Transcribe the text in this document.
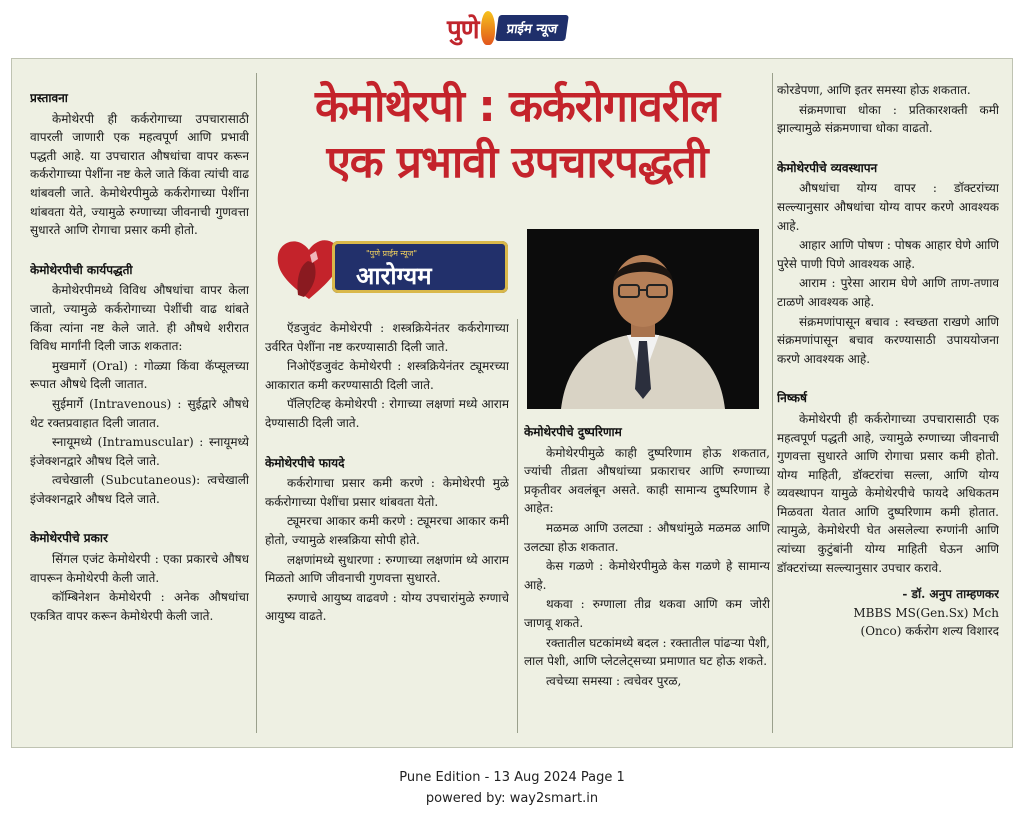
पुणे	प्राईम न्यूज
केमोथेरपी : कर्करोगावरील
एक प्रभावी उपचारपद्धती
"पुणे प्राईम न्यूज"
आरोग्यम
प्रस्तावना

केमोथेरपी ही कर्करोगाच्या उपचारासाठी वापरली जाणारी एक महत्वपूर्ण आणि प्रभावी पद्धती आहे. या उपचारात औषधांचा वापर करून कर्करोगाच्या पेशींना नष्ट केले जाते किंवा त्यांची वाढ थांबवली जाते. केमोथेरपीमुळे कर्करोगाच्या पेशींना थांबवता येते, ज्यामुळे रुग्णाच्या जीवनाची गुणवत्ता सुधारते आणि रोगाचा प्रसार कमी होतो.

केमोथेरपीची कार्यपद्धती

केमोथेरपीमध्ये विविध औषधांचा वापर केला जातो, ज्यामुळे कर्करोगाच्या पेशींची वाढ थांबते किंवा त्यांना नष्ट केले जाते. ही औषधे शरीरात विविध मार्गांनी दिली जाऊ शकतात:

मुखमार्गे (Oral) : गोळ्या किंवा कॅप्सूलच्या रूपात औषधे दिली जातात.

सुईमार्गे (Intravenous) : सुईद्वारे औषधे थेट रक्तप्रवाहात दिली जातात.

स्नायूमध्ये (Intramuscular) : स्नायूमध्ये इंजेक्शनद्वारे औषध दिले जाते.

त्वचेखाली (Subcutaneous): त्वचेखाली इंजेक्शनद्वारे औषध दिले जाते.

केमोथेरपीचे प्रकार

सिंगल एजंट केमोथेरपी : एका प्रकारचे औषध वापरून केमोथेरपी केली जाते.

कॉम्बिनेशन केमोथेरपी : अनेक औषधांचा एकत्रित वापर करून केमोथेरपी केली जाते.

ऍडजुवंट केमोथेरपी : शस्त्रक्रियेनंतर कर्करोगाच्या उर्वरित पेशींना नष्ट करण्यासाठी दिली जाते.

निओऍडजुवंट केमोथेरपी : शस्त्रक्रियेनंतर ट्यूमरच्या आकारात कमी करण्यासाठी दिली जाते.

पॅलिएटिव्ह केमोथेरपी : रोगाच्या लक्षणां मध्ये आराम देण्यासाठी दिली जाते.

केमोथेरपीचे फायदे

कर्करोगाचा प्रसार कमी करणे : केमोथेरपी मुळे कर्करोगाच्या पेशींचा प्रसार थांबवता येतो.

ट्यूमरचा आकार कमी करणे : ट्यूमरचा आकार कमी होतो, ज्यामुळे शस्त्रक्रिया सोपी होते.

लक्षणांमध्ये सुधारणा : रुग्णाच्या लक्षणांम ध्ये आराम मिळतो आणि जीवनाची गुणवत्ता सुधारते.

रुग्णाचे आयुष्य वाढवणे : योग्य उपचारांमुळे रुग्णाचे आयुष्य वाढते.

केमोथेरपीचे दुष्परिणाम

केमोथेरपीमुळे काही दुष्परिणाम होऊ शकतात, ज्यांची तीव्रता औषधांच्या प्रकाराचर आणि रुग्णाच्या प्रकृतीवर अवलंबून असते. काही सामान्य दुष्परिणाम हे आहेत:

मळमळ आणि उलट्या : औषधांमुळे मळमळ आणि उलट्या होऊ शकतात.

केस गळणे : केमोथेरपीमुळे केस गळणे हे सामान्य आहे.

थकवा : रुग्णाला तीव्र थकवा आणि कम जोरी जाणवू शकते.

रक्तातील घटकांमध्ये बदल : रक्तातील पांढऱ्या पेशी, लाल पेशी, आणि प्लेटलेट्सच्या प्रमाणात घट होऊ शकते.

त्वचेच्या समस्या : त्वचेवर पुरळ,

कोरडेपणा, आणि इतर समस्या होऊ शकतात.

संक्रमणाचा धोका : प्रतिकारशक्ती कमी झाल्यामुळे संक्रमणाचा धोका वाढतो.

केमोथेरपीचे व्यवस्थापन

औषधांचा योग्य वापर : डॉक्टरांच्या सल्ल्यानुसार औषधांचा योग्य वापर करणे आवश्यक आहे.

आहार आणि पोषण : पोषक आहार घेणे आणि पुरेसे पाणी पिणे आवश्यक आहे.

आराम : पुरेसा आराम घेणे आणि ताण-तणाव टाळणे आवश्यक आहे.

संक्रमणांपासून बचाव : स्वच्छता राखणे आणि संक्रमणांपासून बचाव करण्यासाठी उपाययोजना करणे आवश्यक आहे.

निष्कर्ष

केमोथेरपी ही कर्करोगाच्या उपचारासाठी एक महत्वपूर्ण पद्धती आहे, ज्यामुळे रुग्णाच्या जीवनाची गुणवत्ता सुधारते आणि रोगाचा प्रसार कमी होतो. योग्य माहिती, डॉक्टरांचा सल्ला, आणि योग्य व्यवस्थापन यामुळे केमोथेरपीचे फायदे अधिकतम मिळवता येतात आणि दुष्परिणाम कमी होतात. त्यामुळे, केमोथेरपी घेत असलेल्या रुग्णांनी आणि त्यांच्या कुटुंबांनी योग्य माहिती घेऊन आणि डॉक्टरांच्या सल्ल्यानुसार उपचार करावे.

- डॉ. अनुप ताम्हणकर
MBBS MS(Gen.Sx) Mch
(Onco) कर्करोग शल्य विशारद
Pune Edition - 13 Aug 2024 Page 1
powered by: way2smart.in
